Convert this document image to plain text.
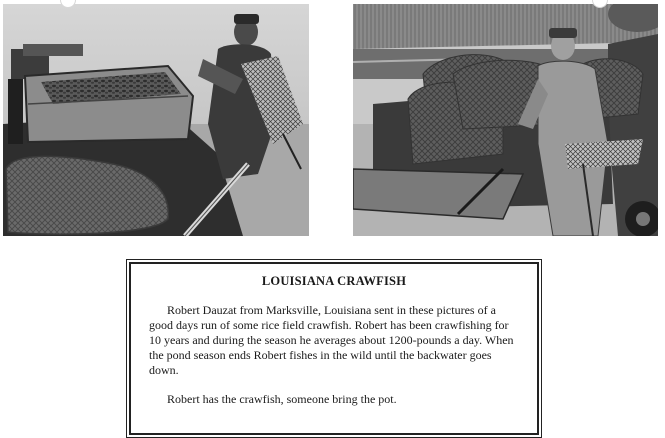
LOUISIANA CRAWFISH

Robert Dauzat from Marksville, Louisiana sent in these pictures of a good days run of some rice field crawfish. Robert has been crawfishing for 10 years and during the season he averages about 1200-pounds a day. When the pond season ends Robert fishes in the wild until the backwater goes down.

Robert has the crawfish, someone bring the pot.
